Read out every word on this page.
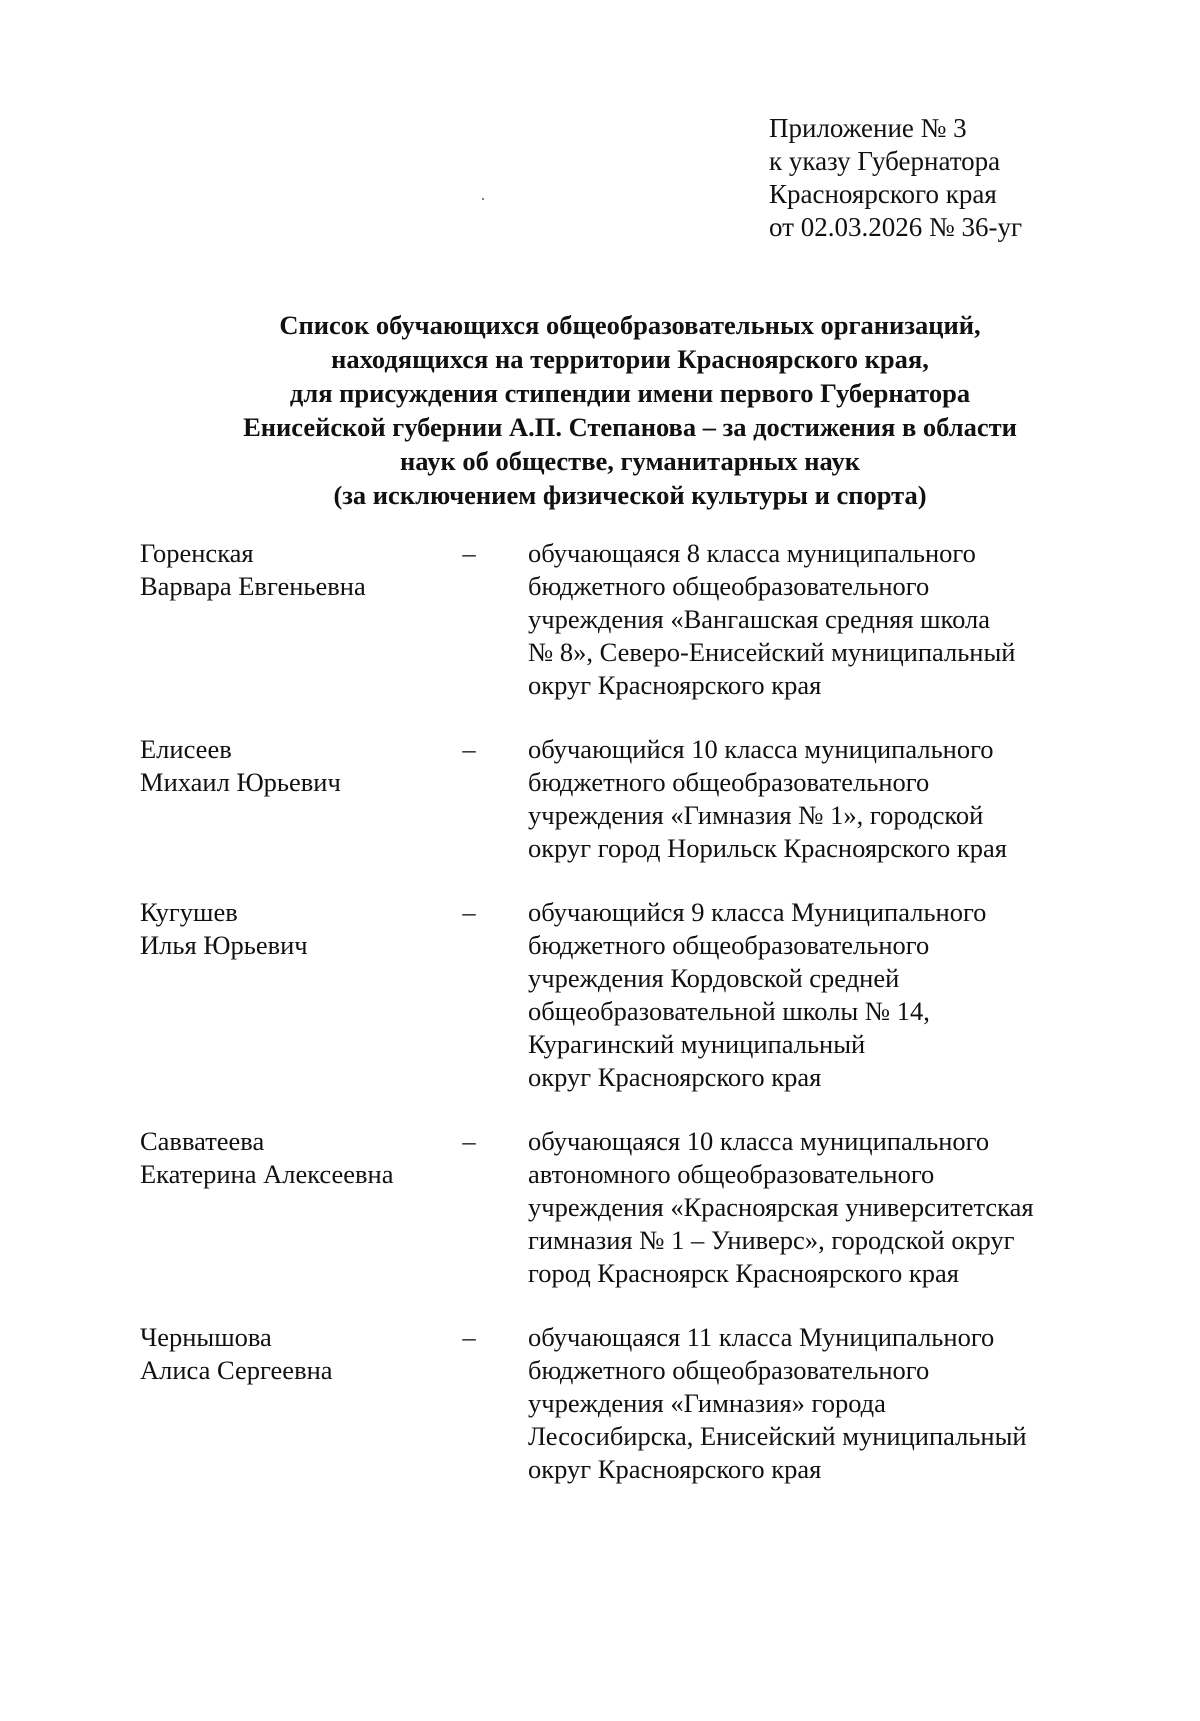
Приложение № 3
к указу Губернатора
Красноярского края
от 02.03.2026 № 36-уг
Список обучающихся общеобразовательных организаций,
находящихся на территории Красноярского края,
для присуждения стипендии имени первого Губернатора
Енисейской губернии А.П. Степанова – за достижения в области
наук об обществе, гуманитарных наук
(за исключением физической культуры и спорта)
Горенская
Варвара Евгеньевна
–	обучающаяся 8 класса муниципального
бюджетного общеобразовательного
учреждения «Вангашская средняя школа
№ 8», Северо-Енисейский муниципальный
округ Красноярского края
Елисеев
Михаил Юрьевич
–	обучающийся 10 класса муниципального
бюджетного общеобразовательного
учреждения «Гимназия № 1», городской
округ город Норильск Красноярского края
Кугушев
Илья Юрьевич
–	обучающийся 9 класса Муниципального
бюджетного общеобразовательного
учреждения Кордовской средней
общеобразовательной школы № 14,
Курагинский муниципальный
округ Красноярского края
Савватеева
Екатерина Алексеевна
–	обучающаяся 10 класса муниципального
автономного общеобразовательного
учреждения «Красноярская университетская
гимназия № 1 – Универс», городской округ
город Красноярск Красноярского края
Чернышова
Алиса Сергеевна
–	обучающаяся 11 класса Муниципального
бюджетного общеобразовательного
учреждения «Гимназия» города
Лесосибирска, Енисейский муниципальный
округ Красноярского края
